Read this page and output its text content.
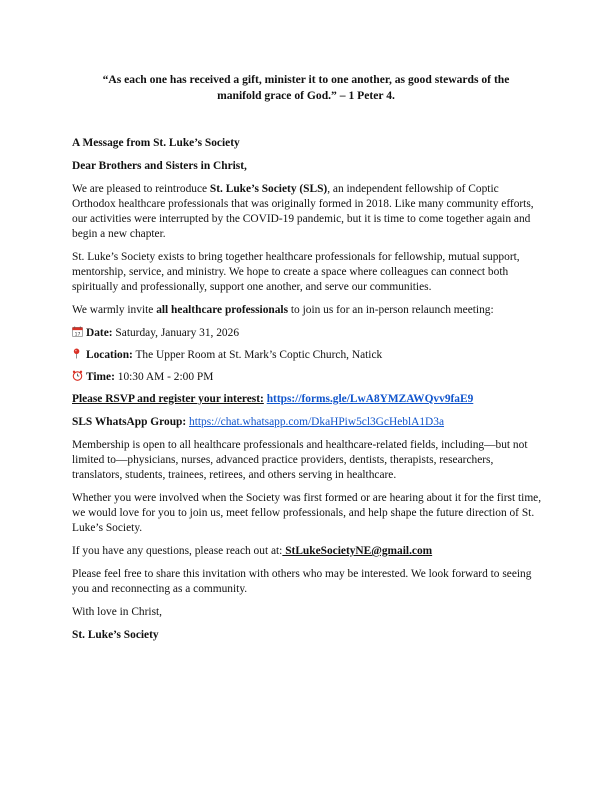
“As each one has received a gift, minister it to one another, as good stewards of the
manifold grace of God.” – 1 Peter 4.

A Message from St. Luke’s Society

Dear Brothers and Sisters in Christ,

We are pleased to reintroduce St. Luke’s Society (SLS), an independent fellowship of Coptic Orthodox healthcare professionals that was originally formed in 2018. Like many community efforts, our activities were interrupted by the COVID-19 pandemic, but it is time to come together again and begin a new chapter.

St. Luke’s Society exists to bring together healthcare professionals for fellowship, mutual support, mentorship, service, and ministry. We hope to create a space where colleagues can connect both spiritually and professionally, support one another, and serve our communities.

We warmly invite all healthcare professionals to join us for an in-person relaunch meeting:

17 Date: Saturday, January 31, 2026
Location: The Upper Room at St. Mark’s Coptic Church, Natick
Time: 10:30 AM - 2:00 PM

Please RSVP and register your interest: https://forms.gle/LwA8YMZAWQvv9faE9

SLS WhatsApp Group: https://chat.whatsapp.com/DkaHPiw5cl3GcHeblA1D3a

Membership is open to all healthcare professionals and healthcare-related fields, including—but not limited to—physicians, nurses, advanced practice providers, dentists, therapists, researchers, translators, students, trainees, retirees, and others serving in healthcare.

Whether you were involved when the Society was first formed or are hearing about it for the first time, we would love for you to join us, meet fellow professionals, and help shape the future direction of St. Luke’s Society.

If you have any questions, please reach out at: StLukeSocietyNE@gmail.com

Please feel free to share this invitation with others who may be interested. We look forward to seeing you and reconnecting as a community.

With love in Christ,

St. Luke’s Society
